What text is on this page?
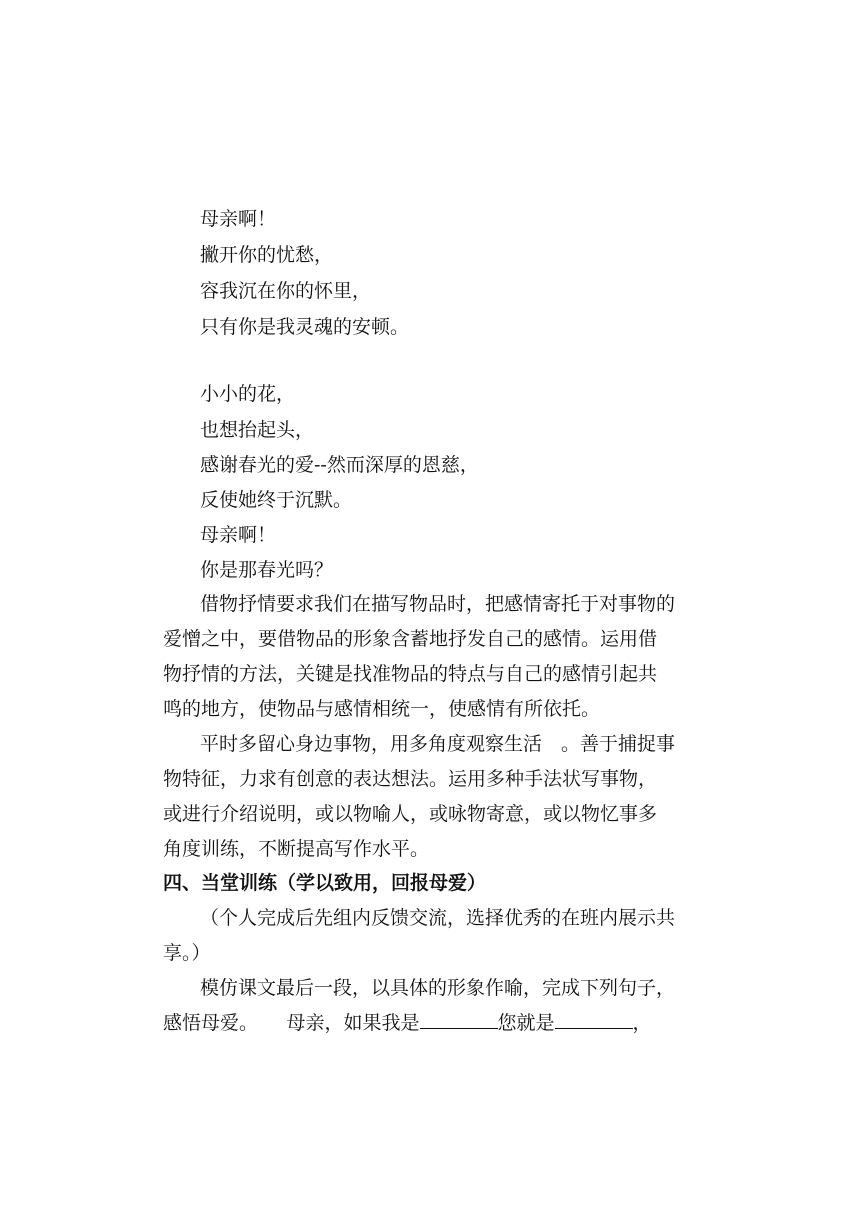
母亲啊！
撇开你的忧愁，
容我沉在你的怀里，
只有你是我灵魂的安顿。
小小的花，
也想抬起头，
感谢春光的爱--然而深厚的恩慈，
反使她终于沉默。
母亲啊！
你是那春光吗？
借物抒情要求我们在描写物品时，把感情寄托于对事物的
爱憎之中，要借物品的形象含蓄地抒发自己的感情。运用借
物抒情的方法，关键是找准物品的特点与自己的感情引起共
鸣的地方，使物品与感情相统一，使感情有所依托。
平时多留心身边事物，用多角度观察生活　。善于捕捉事
物特征，力求有创意的表达想法。运用多种手法状写事物，
或进行介绍说明，或以物喻人，或咏物寄意，或以物忆事多
角度训练，不断提高写作水平。
四、当堂训练（学以致用，回报母爱）
（个人完成后先组内反馈交流，选择优秀的在班内展示共
享。）
模仿课文最后一段，以具体的形象作喻，完成下列句子，
感悟母爱。　　母亲，如果我是	您就是	，
